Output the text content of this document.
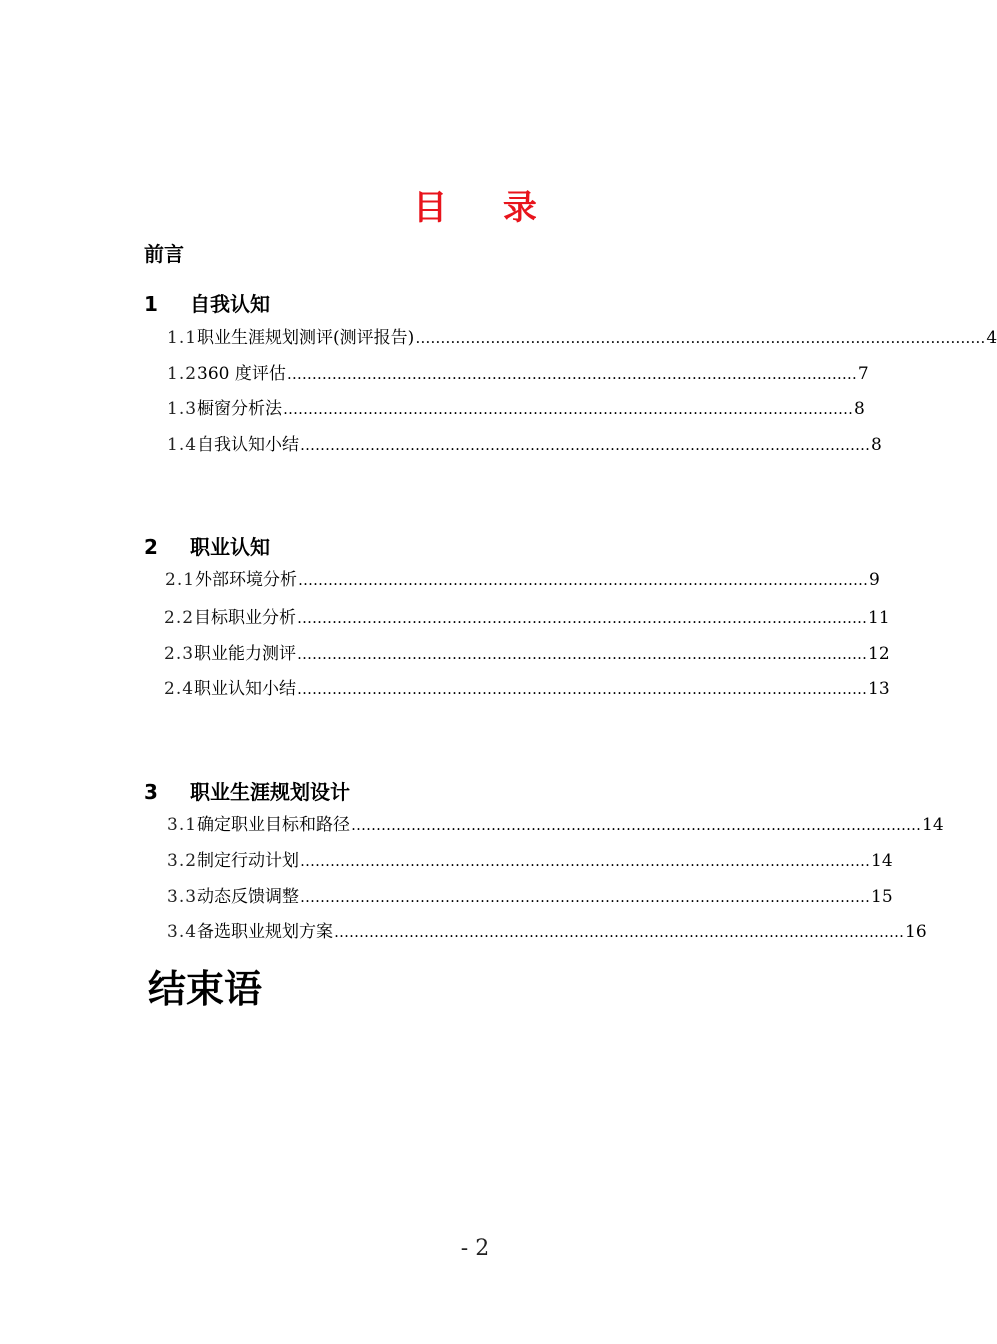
目 录
前言
1 自我认知
1.1 职业生涯规划测评(测评报告) …………………………………………………………………………………………………… 4
1.2 360 度评估 …………………………………………………………………………………………………… 7
1.3 橱窗分析法 …………………………………………………………………………………………………… 8
1.4 自我认知小结 …………………………………………………………………………………………………… 8
2 职业认知
2.1 外部环境分析 …………………………………………………………………………………………………… 9
2.2 目标职业分析 …………………………………………………………………………………………………… 11
2.3 职业能力测评 …………………………………………………………………………………………………… 12
2.4 职业认知小结 …………………………………………………………………………………………………… 13
3 职业生涯规划设计
3.1 确定职业目标和路径 …………………………………………………………………………………………………… 14
3.2 制定行动计划 …………………………………………………………………………………………………… 14
3.3 动态反馈调整 …………………………………………………………………………………………………… 15
3.4 备选职业规划方案 …………………………………………………………………………………………………… 16
结束语
- 2
